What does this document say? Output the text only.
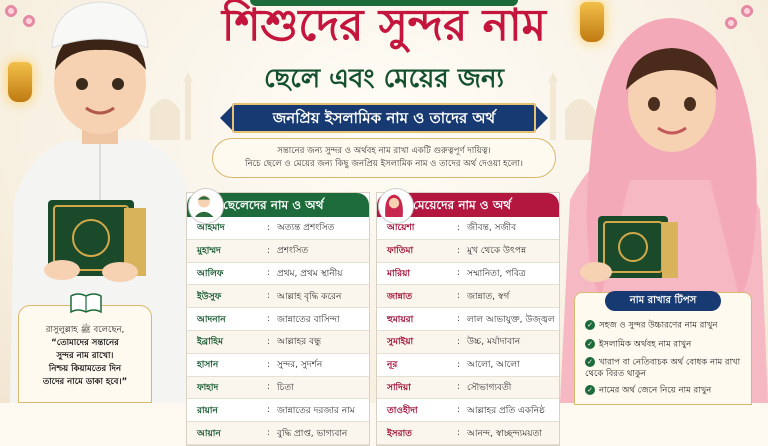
শিশুদের সুন্দর নাম
ছেলে এবং মেয়ের জন্য
জনপ্রিয় ইসলামিক নাম ও তাদের অর্থ
সন্তানের জন্য সুন্দর ও অর্থবহ নাম রাখা একটি গুরুত্বপূর্ণ দায়িত্ব।
নিচে ছেলে ও মেয়ের জন্য কিছু জনপ্রিয় ইসলামিক নাম ও তাদের অর্থ দেওয়া হলো।
ছেলেদের নাম ও অর্থ
আহমাদ	: অত্যন্ত প্রশংসিত
মুহাম্মদ	: প্রশংসিত
আলিফ	: প্রথম, প্রথম স্থানীয়
ইউসুফ	: আল্লাহ বৃদ্ধি করেন
আদনান	: জান্নাতের বাসিন্দা
ইব্রাহিম	: আল্লাহর বন্ধু
হাসান	: সুন্দর, সুদর্শন
ফাহাদ	: চিতা
রায়ান	: জান্নাতের দরজার নাম
আয়ান	: বুদ্ধি প্রাপ্ত, ভাগ্যবান
মেয়েদের নাম ও অর্থ
আয়েশা	: জীবন্ত, সজীব
ফাতিমা	: মুখ থেকে উৎপন্ন
মারিয়া	: সম্মানিতা, পবিত্র
জান্নাত	: জান্নাত, স্বর্গ
হুমায়রা	: লাল আভাযুক্ত, উজ্জ্বল
সুমাইয়া	: উচ্চ, মর্যাদাবান
নূর	: আলো, আলো
সাদিয়া	: সৌভাগ্যবতী
তাওহীদা	: আল্লাহর প্রতি একনিষ্ঠ
ইসরাত	: আনন্দ, স্বাচ্ছন্দ্যময়তা
রাসুলুল্লাহ ﷺ বলেছেন,
“তোমাদের সন্তানের
সুন্দর নাম রাখো।
নিশ্চয় কিয়ামতের দিন
তাদের নামে ডাকা হবে।”
নাম রাখার টিপস
✓ সহজ ও সুন্দর উচ্চারণের নাম রাখুন
✓ ইসলামিক অর্থবহ নাম রাখুন
✓ খারাপ বা নেতিবাচক অর্থ বোধক নাম রাখা থেকে বিরত থাকুন
✓ নামের অর্থ জেনে নিয়ে নাম রাখুন
